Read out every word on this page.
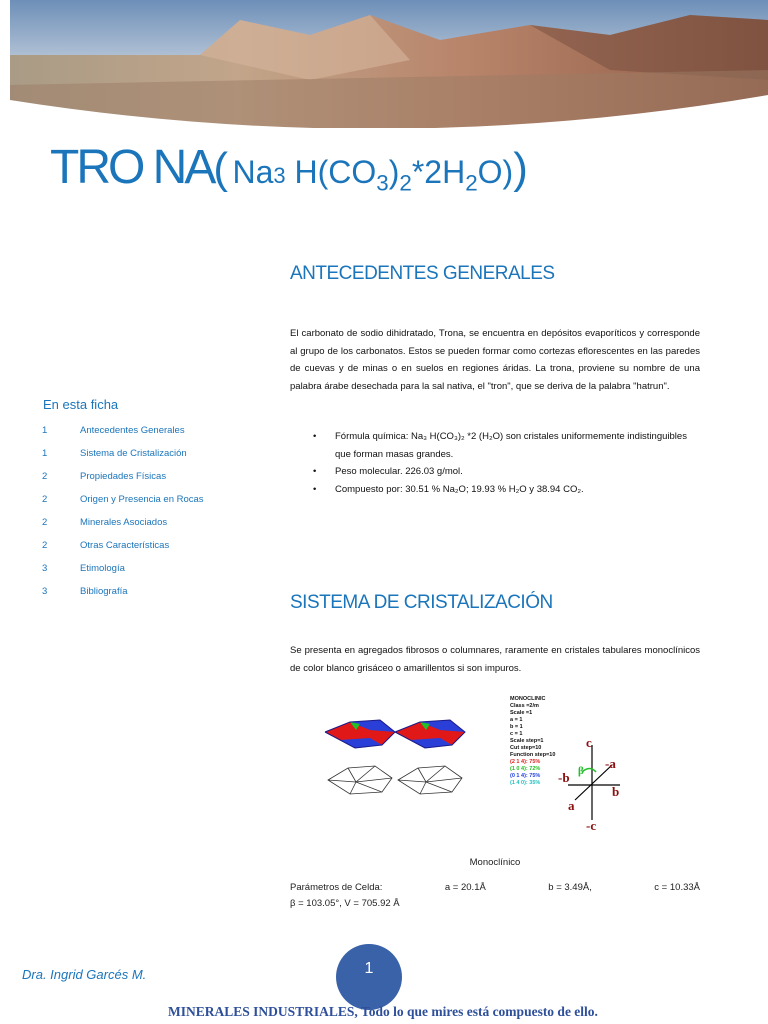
TRO NA( Na3 $H(CO_3)_2*2H_2O$))
ANTECEDENTES GENERALES
El carbonato de sodio dihidratado, Trona, se encuentra en depósitos evaporíticos y corresponde al grupo de los carbonatos. Estos se pueden formar como cortezas eflorescentes en las paredes de cuevas y de minas o en suelos en regiones áridas. La trona, proviene su nombre de una palabra árabe desechada para la sal nativa, el "tron", que se deriva de la palabra "hatrun".
• Fórmula química: Na₃ H(CO₃)₂ *2 (H₂O) son cristales uniformemente indistinguibles que forman masas grandes.
• Peso molecular. 226.03 g/mol.
• Compuesto por: 30.51 % Na₂O; 19.93 % H₂O y 38.94 CO₂.
En esta ficha
1	Antecedentes Generales
1	Sistema de Cristalización
2	Propiedades Físicas
2	Origen y Presencia en Rocas
2	Minerales Asociados
2	Otras Características
3	Etimología
3	Bibliografía
SISTEMA DE CRISTALIZACIÓN
Se presenta en agregados fibrosos o columnares, raramente en cristales tabulares monoclínicos de color blanco grisáceo o amarillentos si son impuros.
MONOCLINIC
Class =2/m
Scale =1
a = 1
b = 1
c = 1
Scale step=1
Cut step=10
Function step=10
(2 1 4): 75%
(1 0 4): 72%
(0 1 4): 75%
(1 4 0): 35%
c
-c
a
-a
b
-b β
Monoclínico
Parámetros de Celda:	a = 20.1Å	b = 3.49Å,	c = 10.33Å
β = 103.05°, V = 705.92 Å
Dra. Ingrid Garcés M.	1
MINERALES INDUSTRIALES, Todo lo que mires está compuesto de ello.
